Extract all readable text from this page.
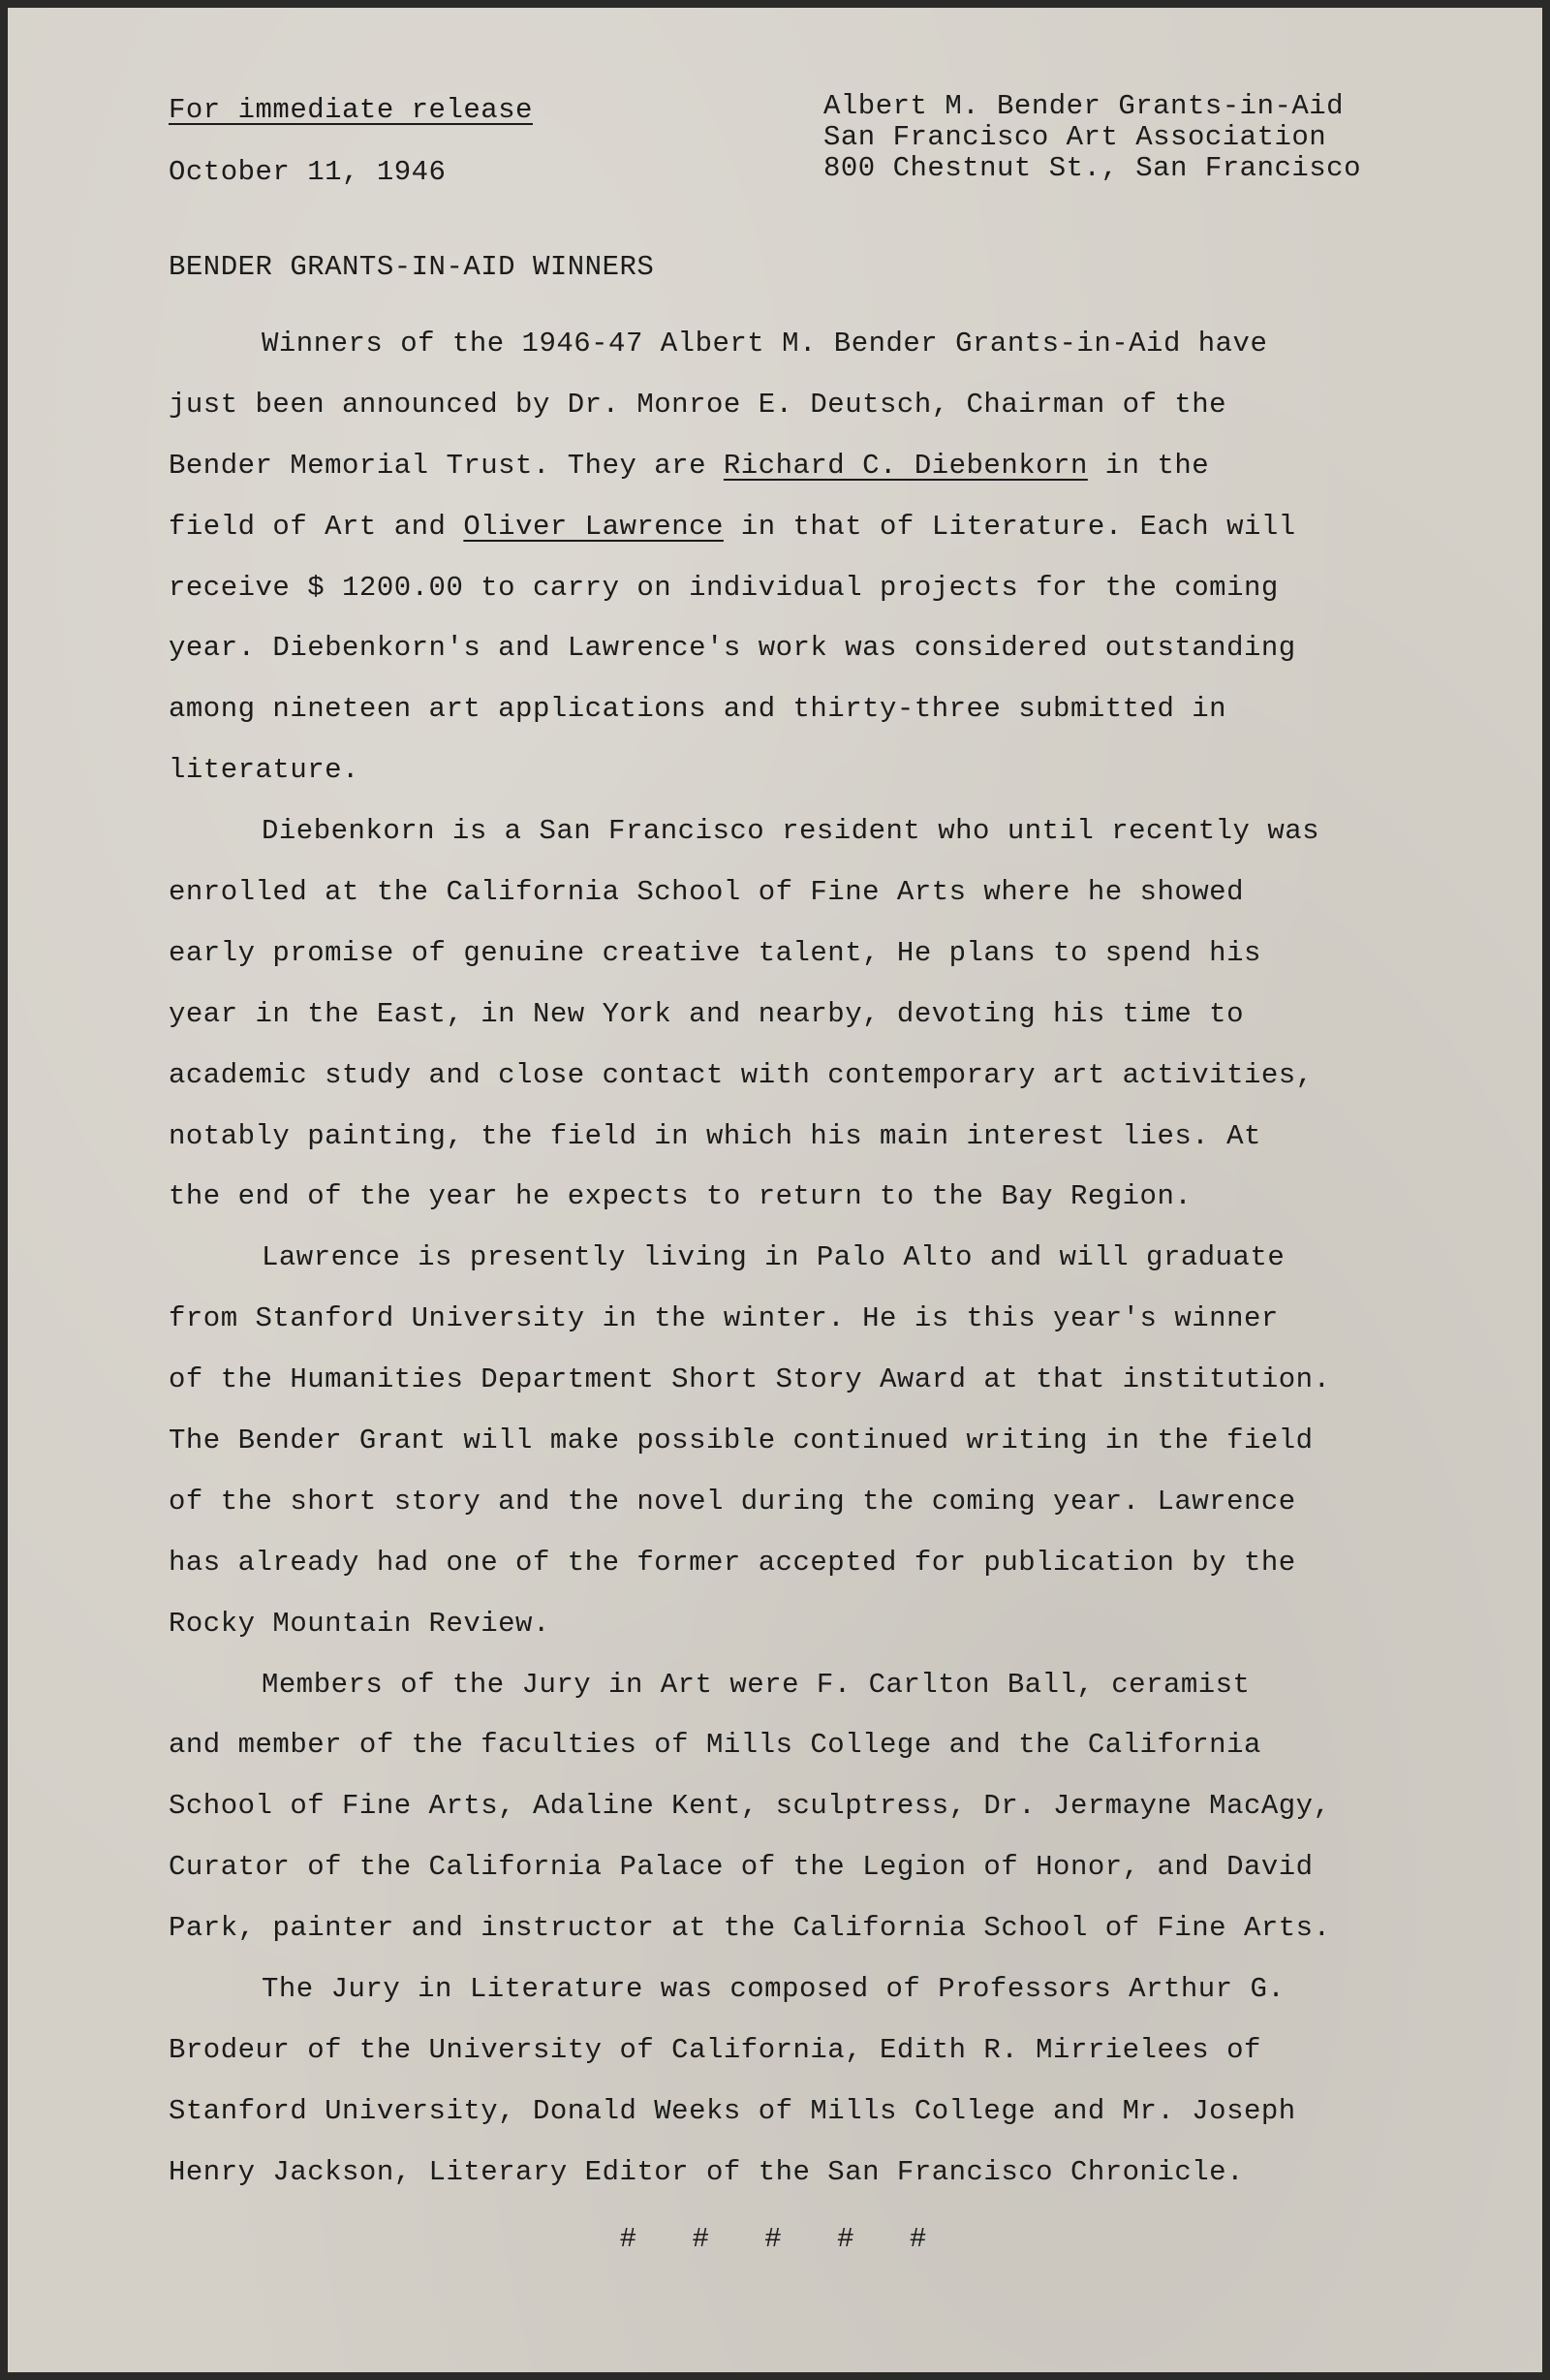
For immediate release
October 11, 1946
Albert M. Bender Grants-in-Aid
San Francisco Art Association
800 Chestnut St., San Francisco
BENDER GRANTS-IN-AID WINNERS
Winners of the 1946-47 Albert M. Bender Grants-in-Aid have
just been announced by Dr. Monroe E. Deutsch, Chairman of the
Bender Memorial Trust. They are Richard C. Diebenkorn in the
field of Art and Oliver Lawrence in that of Literature. Each will
receive $ 1200.00 to carry on individual projects for the coming
year. Diebenkorn's and Lawrence's work was considered outstanding
among nineteen art applications and thirty-three submitted in
literature.
Diebenkorn is a San Francisco resident who until recently was
enrolled at the California School of Fine Arts where he showed
early promise of genuine creative talent, He plans to spend his
year in the East, in New York and nearby, devoting his time to
academic study and close contact with contemporary art activities,
notably painting, the field in which his main interest lies. At
the end of the year he expects to return to the Bay Region.
Lawrence is presently living in Palo Alto and will graduate
from Stanford University in the winter. He is this year's winner
of the Humanities Department Short Story Award at that institution.
The Bender Grant will make possible continued writing in the field
of the short story and the novel during the coming year. Lawrence
has already had one of the former accepted for publication by the
Rocky Mountain Review.
Members of the Jury in Art were F. Carlton Ball, ceramist
and member of the faculties of Mills College and the California
School of Fine Arts, Adaline Kent, sculptress, Dr. Jermayne MacAgy,
Curator of the California Palace of the Legion of Honor, and David
Park, painter and instructor at the California School of Fine Arts.
The Jury in Literature was composed of Professors Arthur G.
Brodeur of the University of California, Edith R. Mirrielees of
Stanford University, Donald Weeks of Mills College and Mr. Joseph
Henry Jackson, Literary Editor of the San Francisco Chronicle.
# # # # #
